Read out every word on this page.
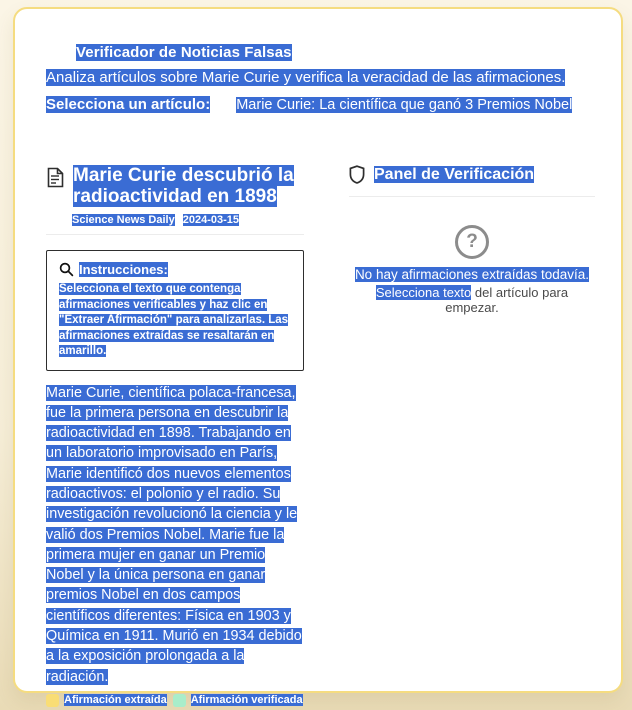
Verificador de Noticias Falsas

Analiza artículos sobre Marie Curie y verifica la veracidad de las afirmaciones.

Selecciona un artículo: Marie Curie: La científica que ganó 3 Premios Nobel
Marie Curie descubrió la radioactividad en 1898
Science News Daily 2024-03-15
Instrucciones:
Selecciona el texto que contenga afirmaciones verificables y haz clic en "Extraer Afirmación" para analizarlas. Las afirmaciones extraídas se resaltarán en amarillo.

Marie Curie, científica polaca-francesa, fue la primera persona en descubrir la radioactividad en 1898. Trabajando en un laboratorio improvisado en París, Marie identificó dos nuevos elementos radioactivos: el polonio y el radio. Su investigación revolucionó la ciencia y le valió dos Premios Nobel. Marie fue la primera mujer en ganar un Premio Nobel y la única persona en ganar premios Nobel en dos campos científicos diferentes: Física en 1903 y Química en 1911. Murió en 1934 debido a la exposición prolongada a la radiación.

Afirmación extraída Afirmación verificada
Panel de Verificación
?
No hay afirmaciones extraídas todavía.
Selecciona texto del artículo para empezar.
